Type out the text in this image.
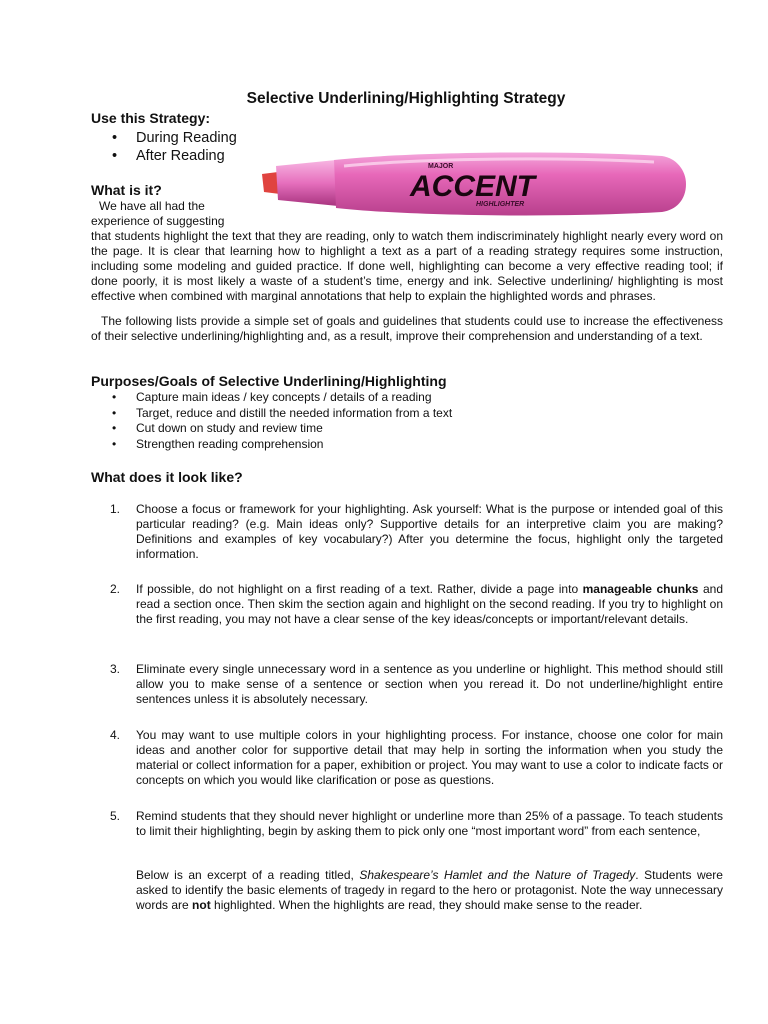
Selective Underlining/Highlighting Strategy
Use this Strategy:
• During Reading
• After Reading
MAJOR
ACCENT
HIGHLIGHTER
What is it?
We have all had the
experience of suggesting

that students highlight the text that they are reading, only to watch them indiscriminately highlight nearly every word on the page. It is clear that learning how to highlight a text as a part of a reading strategy requires some instruction, including some modeling and guided practice. If done well, highlighting can become a very effective reading tool; if done poorly, it is most likely a waste of a student’s time, energy and ink. Selective underlining/ highlighting is most effective when combined with marginal annotations that help to explain the highlighted words and phrases.

The following lists provide a simple set of goals and guidelines that students could use to increase the effectiveness of their selective underlining/highlighting and, as a result, improve their comprehension and understanding of a text.

Purposes/Goals of Selective Underlining/Highlighting
• Capture main ideas / key concepts / details of a reading
• Target, reduce and distill the needed information from a text
• Cut down on study and review time
• Strengthen reading comprehension
What does it look like?
1. Choose a focus or framework for your highlighting. Ask yourself: What is the purpose or intended goal of this particular reading? (e.g. Main ideas only? Supportive details for an interpretive claim you are making? Definitions and examples of key vocabulary?) After you determine the focus, highlight only the targeted information.
2. If possible, do not highlight on a first reading of a text. Rather, divide a page into manageable chunks and read a section once. Then skim the section again and highlight on the second reading. If you try to highlight on the first reading, you may not have a clear sense of the key ideas/concepts or important/relevant details.
3. Eliminate every single unnecessary word in a sentence as you underline or highlight. This method should still allow you to make sense of a sentence or section when you reread it. Do not underline/highlight entire sentences unless it is absolutely necessary.
4. You may want to use multiple colors in your highlighting process. For instance, choose one color for main ideas and another color for supportive detail that may help in sorting the information when you study the material or collect information for a paper, exhibition or project. You may want to use a color to indicate facts or concepts on which you would like clarification or pose as questions.
5. Remind students that they should never highlight or underline more than 25% of a passage. To teach students to limit their highlighting, begin by asking them to pick only one “most important word” from each sentence,

Below is an excerpt of a reading titled, Shakespeare’s Hamlet and the Nature of Tragedy. Students were asked to identify the basic elements of tragedy in regard to the hero or protagonist. Note the way unnecessary words are not highlighted. When the highlights are read, they should make sense to the reader.
